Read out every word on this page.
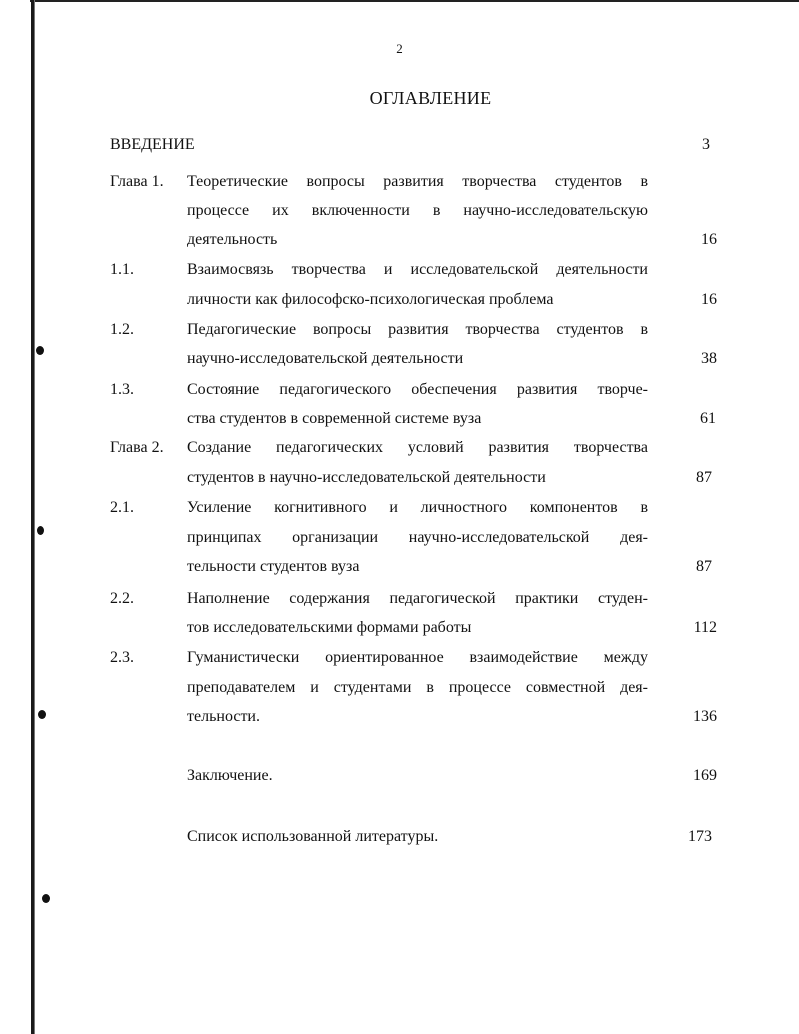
2
ОГЛАВЛЕНИЕ
ВВЕДЕНИЕ	3
Глава 1. Теоретические вопросы развития творчества студентов в
процессе их включенности в научно-исследовательскую
деятельность	16
1.1.	Взаимосвязь творчества и исследовательской деятельности
личности как философско-психологическая проблема	16
1.2.	Педагогические вопросы развития творчества студентов в
научно-исследовательской деятельности	38
1.3.	Состояние педагогического обеспечения развития творче-
ства студентов в современной системе вуза	61
Глава 2. Создание педагогических условий развития творчества
студентов в научно-исследовательской деятельности	87
2.1.	Усиление когнитивного и личностного компонентов в
принципах организации научно-исследовательской дея-
тельности студентов вуза	87
2.2.	Наполнение содержания педагогической практики студен-
тов исследовательскими формами работы	112
2.3.	Гуманистически ориентированное взаимодействие между
преподавателем и студентами в процессе совместной дея-
тельности.	136
Заключение.	169
Список использованной литературы.	173
